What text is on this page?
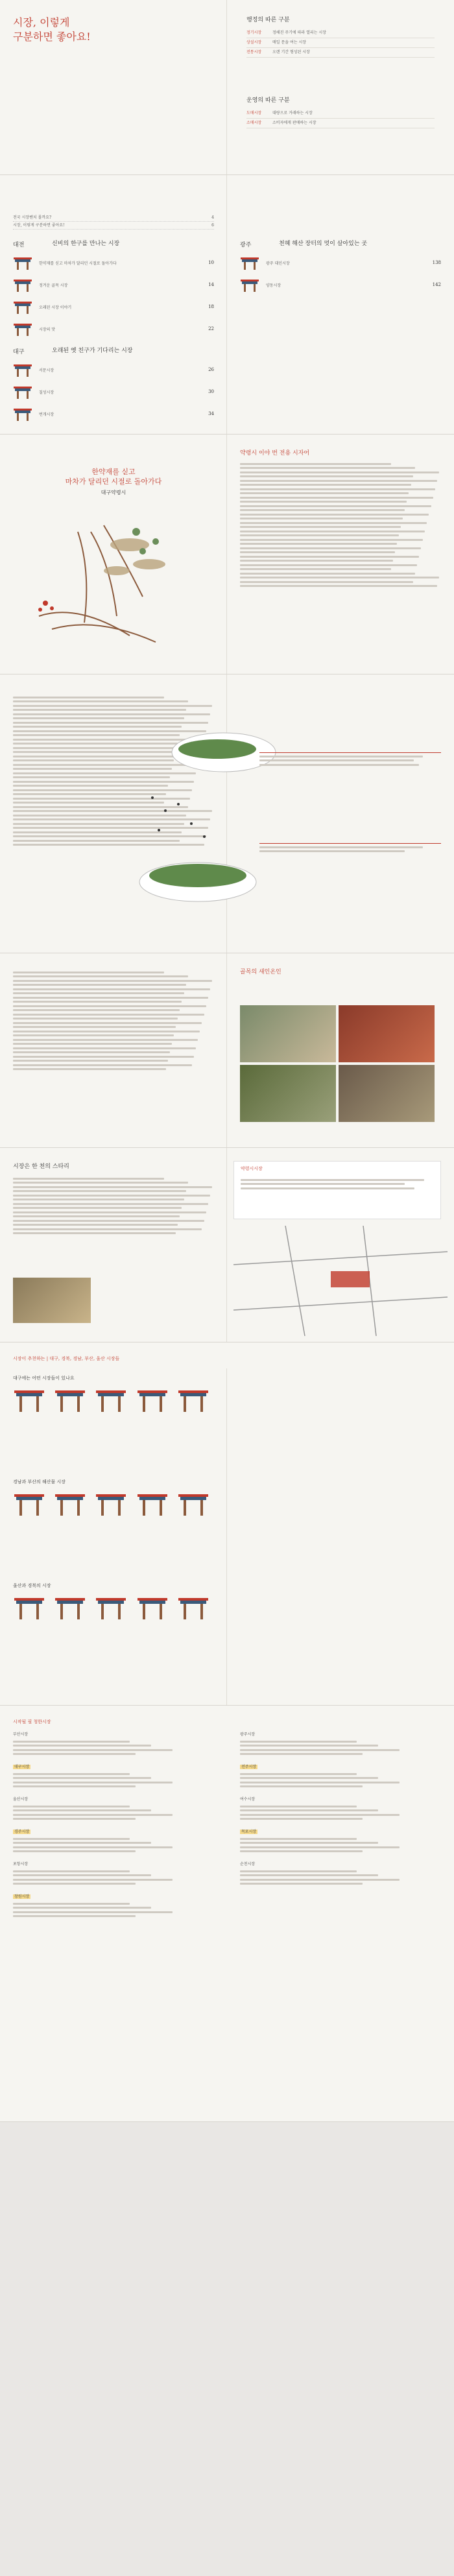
시장, 이렇게
구분하면 좋아요!
행정의 따른 구분
정기시장	정해진 주기에 따라 열리는 시장
상설시장	매일 문을 여는 시장
전통시장	오랜 기간 형성된 시장
운영의 따른 구분
도매시장	대량으로 거래하는 시장
소매시장	소비자에게 판매하는 시장
전국 시장벤치 몰까요?	4
시장, 이렇게 구분하면 좋아요!	6
대전	신비의 한구를 만나는 시장
한약재를 싣고 마차가 달리던 시절로 돌아가다	10
정겨운 골목 시장	14
오래된 시장 이야기	18
시장의 맛	22
대구	오래된 옛 친구가 기다리는 시장
서문시장	26
칠성시장	30
번개시장	34
광주	천혜 해산 장터의 멋이 살아있는 곳
광주 대인시장	138
양동시장	142
한약재를 싣고
마차가 달리던 시절로 돌아가다
대구약령시
약령시 이야 번 전용 시자어
골목의 새인온인
시장은 한 천의 스타리	약령시시장
시장이 추천하는 | 대구, 경북, 경남, 부산, 울산 시장들
대구에는 어떤 시장들이 있나요
경남과 부산의 해산물 시장
울산과 경북의 시장
시작될 필 청한시장
부산시장
대구시장
울산시장
경주시장
포항시장
창원시장
광주시장
전주시장
여수시장
목포시장
순천시장
